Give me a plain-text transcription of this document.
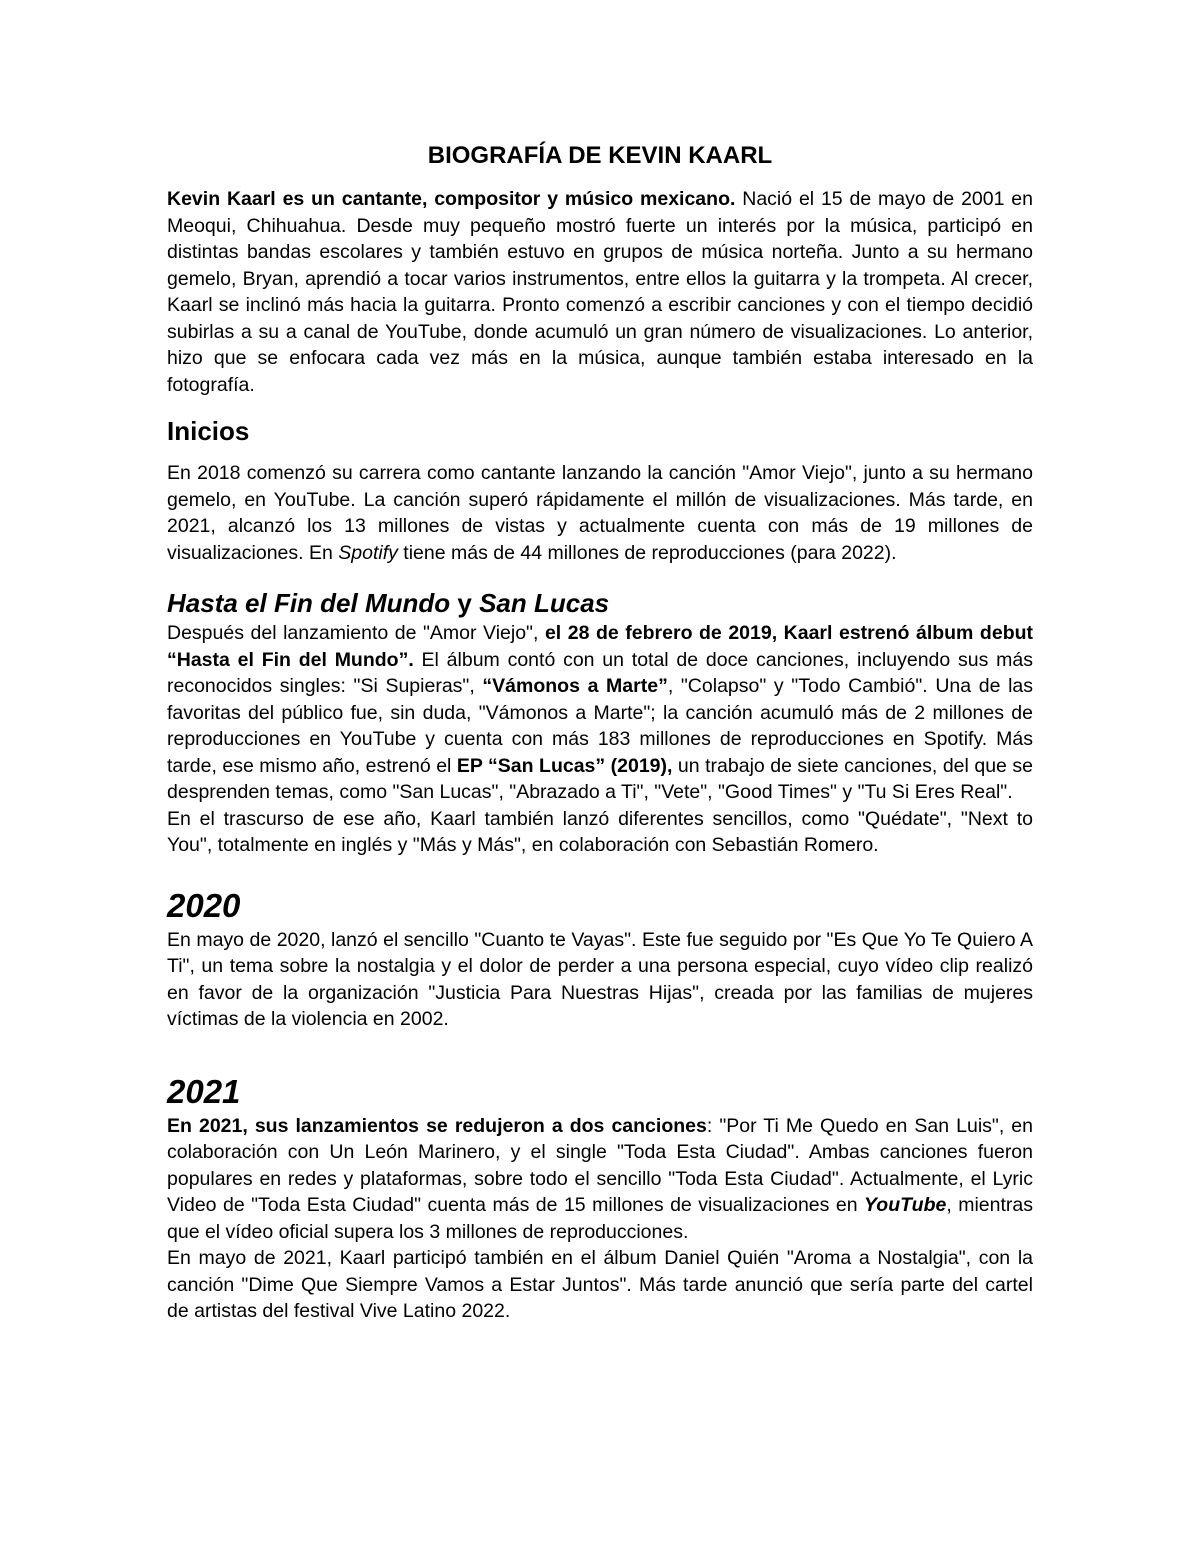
BIOGRAFÍA DE KEVIN KAARL

Kevin Kaarl es un cantante, compositor y músico mexicano. Nació el 15 de mayo de 2001 en Meoqui, Chihuahua. Desde muy pequeño mostró fuerte un interés por la música, participó en distintas bandas escolares y también estuvo en grupos de música norteña. Junto a su hermano gemelo, Bryan, aprendió a tocar varios instrumentos, entre ellos la guitarra y la trompeta. Al crecer, Kaarl se inclinó más hacia la guitarra. Pronto comenzó a escribir canciones y con el tiempo decidió subirlas a su a canal de YouTube, donde acumuló un gran número de visualizaciones. Lo anterior, hizo que se enfocara cada vez más en la música, aunque también estaba interesado en la fotografía.

Inicios

En 2018 comenzó su carrera como cantante lanzando la canción "Amor Viejo", junto a su hermano gemelo, en YouTube. La canción superó rápidamente el millón de visualizaciones. Más tarde, en 2021, alcanzó los 13 millones de vistas y actualmente cuenta con más de 19 millones de visualizaciones. En Spotify tiene más de 44 millones de reproducciones (para 2022).

Hasta el Fin del Mundo y San Lucas

Después del lanzamiento de "Amor Viejo", el 28 de febrero de 2019, Kaarl estrenó álbum debut “Hasta el Fin del Mundo”. El álbum contó con un total de doce canciones, incluyendo sus más reconocidos singles: "Si Supieras", “Vámonos a Marte”, "Colapso" y "Todo Cambió". Una de las favoritas del público fue, sin duda, "Vámonos a Marte"; la canción acumuló más de 2 millones de reproducciones en YouTube y cuenta con más 183 millones de reproducciones en Spotify. Más tarde, ese mismo año, estrenó el EP “San Lucas” (2019), un trabajo de siete canciones, del que se desprenden temas, como "San Lucas", "Abrazado a Ti", "Vete", "Good Times" y "Tu Si Eres Real".

En el trascurso de ese año, Kaarl también lanzó diferentes sencillos, como "Quédate", "Next to You", totalmente en inglés y "Más y Más", en colaboración con Sebastián Romero.

2020

En mayo de 2020, lanzó el sencillo "Cuanto te Vayas". Este fue seguido por "Es Que Yo Te Quiero A Ti", un tema sobre la nostalgia y el dolor de perder a una persona especial, cuyo vídeo clip realizó en favor de la organización "Justicia Para Nuestras Hijas", creada por las familias de mujeres víctimas de la violencia en 2002.

2021

En 2021, sus lanzamientos se redujeron a dos canciones: "Por Ti Me Quedo en San Luis", en colaboración con Un León Marinero, y el single "Toda Esta Ciudad". Ambas canciones fueron populares en redes y plataformas, sobre todo el sencillo "Toda Esta Ciudad". Actualmente, el Lyric Video de "Toda Esta Ciudad" cuenta más de 15 millones de visualizaciones en YouTube, mientras que el vídeo oficial supera los 3 millones de reproducciones.

En mayo de 2021, Kaarl participó también en el álbum Daniel Quién "Aroma a Nostalgia", con la canción "Dime Que Siempre Vamos a Estar Juntos". Más tarde anunció que sería parte del cartel de artistas del festival Vive Latino 2022.
